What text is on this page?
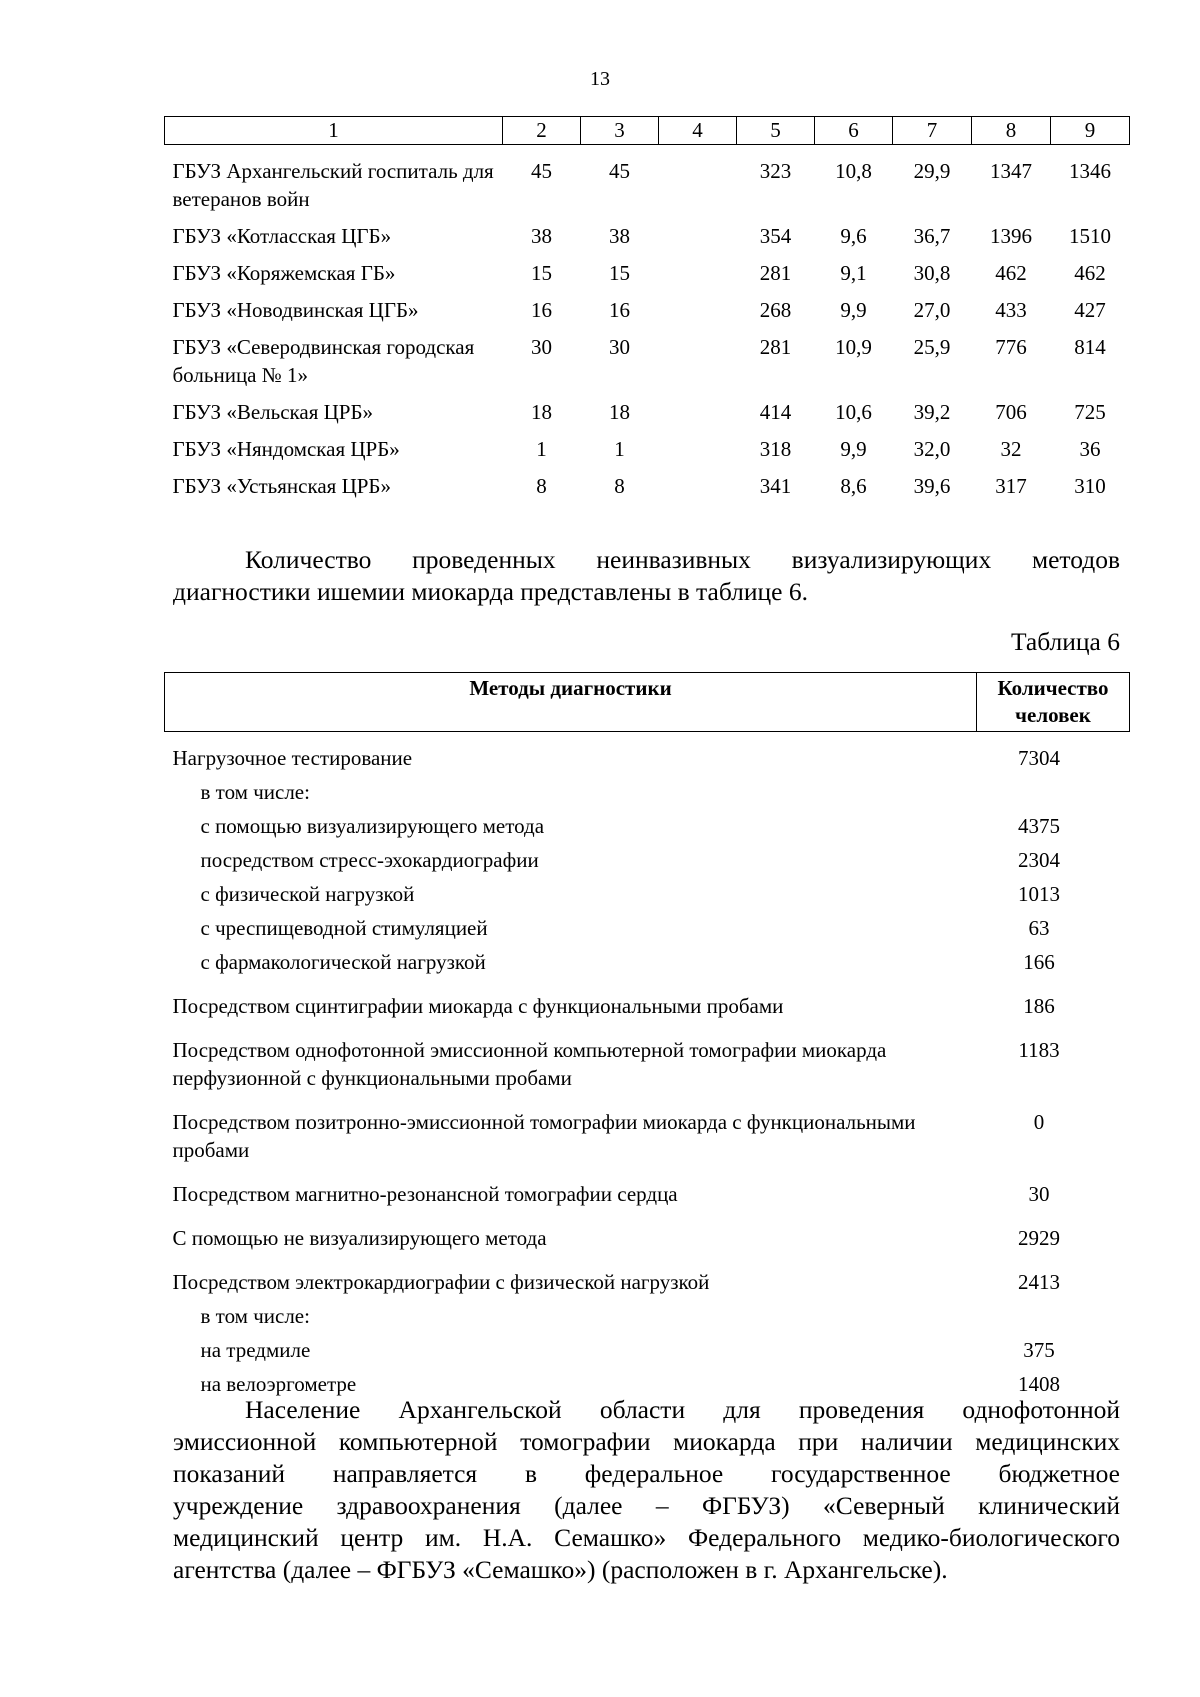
13
1	2	3	4	5	6	7	8	9
ГБУЗ Архангельский госпиталь для ветеранов войн	45	45		323	10,8	29,9	1347	1346
ГБУЗ «Котласская ЦГБ»	38	38		354	9,6	36,7	1396	1510
ГБУЗ «Коряжемская ГБ»	15	15		281	9,1	30,8	462	462
ГБУЗ «Новодвинская ЦГБ»	16	16		268	9,9	27,0	433	427
ГБУЗ «Северодвинская городская больница № 1»	30	30		281	10,9	25,9	776	814
ГБУЗ «Вельская ЦРБ»	18	18		414	10,6	39,2	706	725
ГБУЗ «Няндомская ЦРБ»	1	1		318	9,9	32,0	32	36
ГБУЗ «Устьянская ЦРБ»	8	8		341	8,6	39,6	317	310
Количество проведенных неинвазивных визуализирующих методов
диагностики ишемии миокарда представлены в таблице 6.
Таблица 6
Методы диагностики	Количество человек
Нагрузочное тестирование	7304
в том числе:	
с помощью визуализирующего метода	4375
посредством стресс-эхокардиографии	2304
с физической нагрузкой	1013
с чреспищеводной стимуляцией	63
с фармакологической нагрузкой	166
Посредством сцинтиграфии миокарда с функциональными пробами	186
Посредством однофотонной эмиссионной компьютерной томографии миокарда перфузионной с функциональными пробами	1183
Посредством позитронно-эмиссионной томографии миокарда с функциональными пробами	0
Посредством магнитно-резонансной томографии сердца	30
С помощью не визуализирующего метода	2929
Посредством электрокардиографии с физической нагрузкой	2413
в том числе:	
на тредмиле	375
на велоэргометре	1408
Население Архангельской области для проведения однофотонной
эмиссионной компьютерной томографии миокарда при наличии медицинских
показаний направляется в федеральное государственное бюджетное
учреждение здравоохранения (далее – ФГБУЗ) «Северный клинический
медицинский центр им. Н.А. Семашко» Федерального медико-биологического
агентства (далее – ФГБУЗ «Семашко») (расположен в г. Архангельске).
